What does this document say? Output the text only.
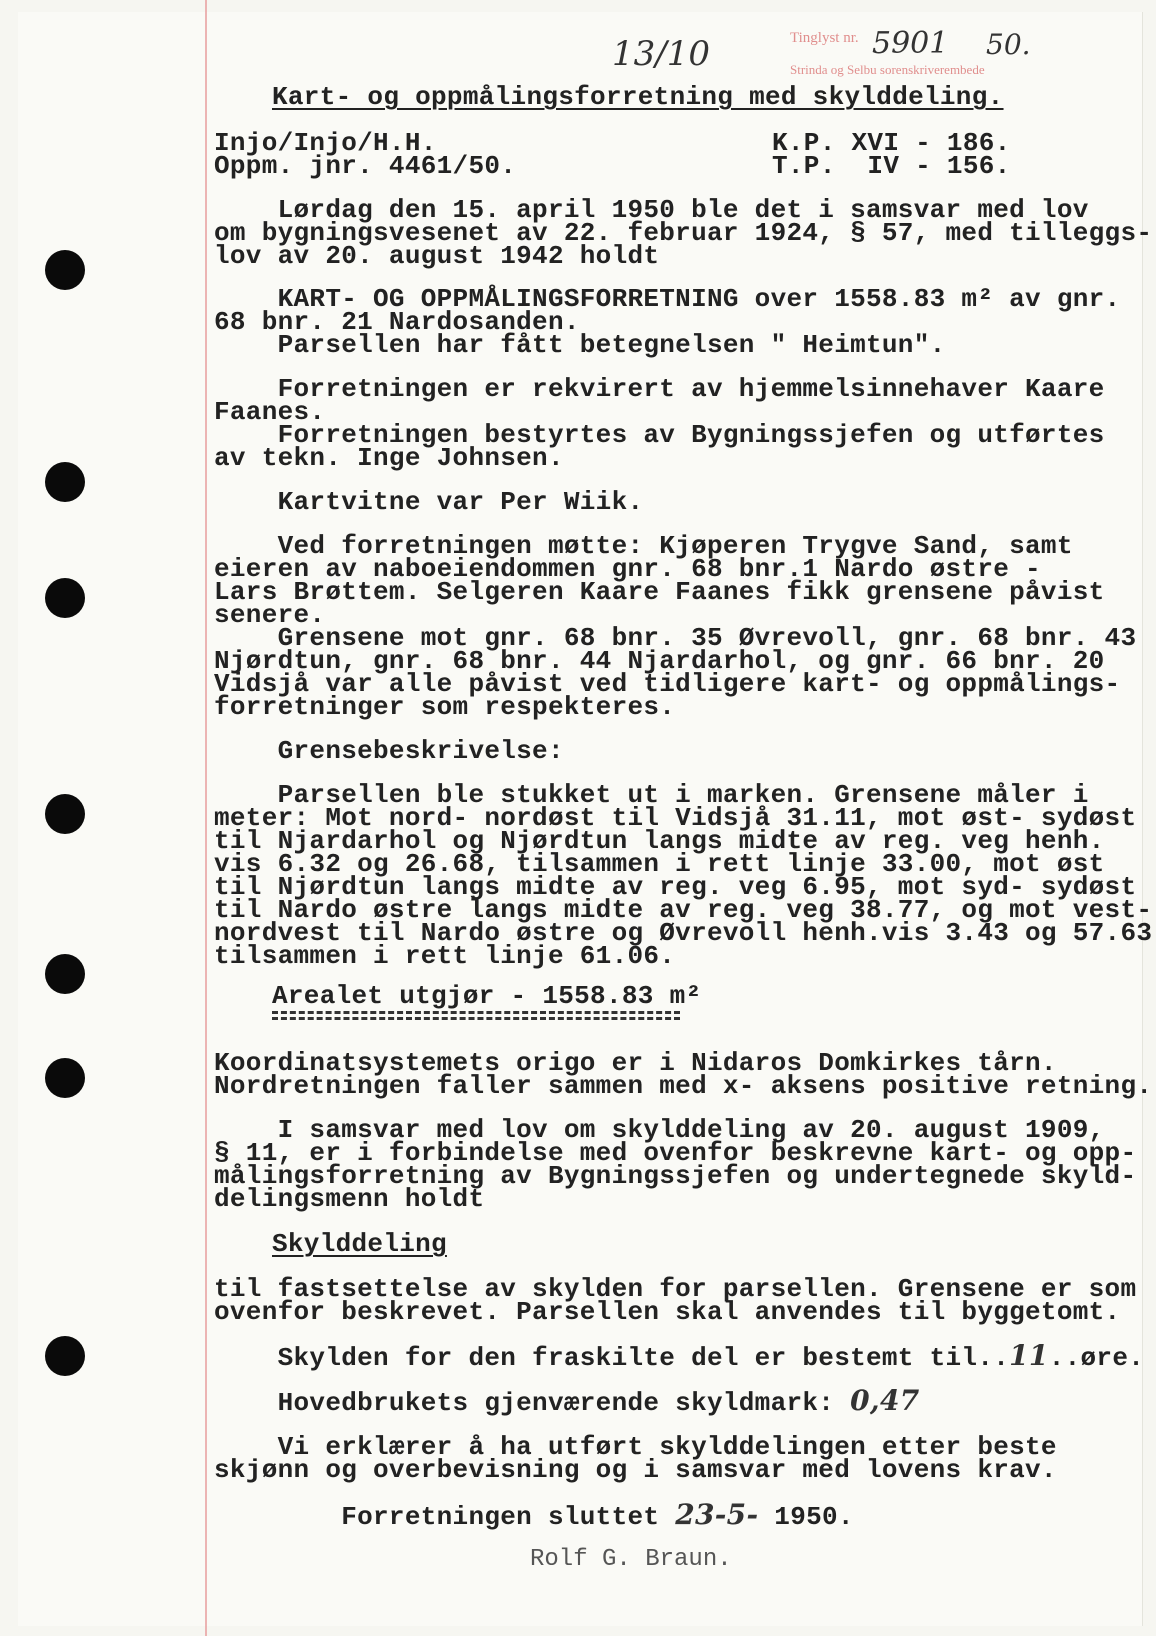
Tinglyst nr.
Strinda og Selbu sorenskriverembede
5901 50.
13/10
Kart- og oppmålingsforretning med skylddeling.
Injo/Injo/H.H.
Oppm. jnr. 4461/50.
K.P. XVI - 186.
T.P.  IV - 156.
Lørdag den 15. april 1950 ble det i samsvar med lov
om bygningsvesenet av 22. februar 1924, § 57, med tilleggs-
lov av 20. august 1942 holdt
KART- OG OPPMÅLINGSFORRETNING over 1558.83 m² av gnr.
68 bnr. 21 Nardosanden.
Parsellen har fått betegnelsen " Heimtun".
Forretningen er rekvirert av hjemmelsinnehaver Kaare
Faanes.
Forretningen bestyrtes av Bygningssjefen og utførtes
av tekn. Inge Johnsen.
Kartvitne var Per Wiik.
Ved forretningen møtte: Kjøperen Trygve Sand, samt
eieren av naboeiendommen gnr. 68 bnr.1 Nardo østre -
Lars Brøttem. Selgeren Kaare Faanes fikk grensene påvist
senere.
Grensene mot gnr. 68 bnr. 35 Øvrevoll, gnr. 68 bnr. 43
Njørdtun, gnr. 68 bnr. 44 Njardarhol, og gnr. 66 bnr. 20
Vidsjå var alle påvist ved tidligere kart- og oppmålings-
forretninger som respekteres.
Grensebeskrivelse:
Parsellen ble stukket ut i marken. Grensene måler i
meter: Mot nord- nordøst til Vidsjå 31.11, mot øst- sydøst
til Njardarhol og Njørdtun langs midte av reg. veg henh.
vis 6.32 og 26.68, tilsammen i rett linje 33.00, mot øst
til Njørdtun langs midte av reg. veg 6.95, mot syd- sydøst
til Nardo østre langs midte av reg. veg 38.77, og mot vest-
nordvest til Nardo østre og Øvrevoll henh.vis 3.43 og 57.63
tilsammen i rett linje 61.06.
Arealet utgjør - 1558.83 m²
Koordinatsystemets origo er i Nidaros Domkirkes tårn.
Nordretningen faller sammen med x- aksens positive retning.
I samsvar med lov om skylddeling av 20. august 1909,
§ 11, er i forbindelse med ovenfor beskrevne kart- og opp-
målingsforretning av Bygningssjefen og undertegnede skyld-
delingsmenn holdt
Skylddeling
til fastsettelse av skylden for parsellen. Grensene er som
ovenfor beskrevet. Parsellen skal anvendes til byggetomt.
Skylden for den fraskilte del er bestemt til..11..øre.
Hovedbrukets gjenværende skyldmark: 0,47
Vi erklærer å ha utført skylddelingen etter beste
skjønn og overbevisning og i samsvar med lovens krav.
Forretningen sluttet 23-5- 1950.
Rolf G. Braun.
